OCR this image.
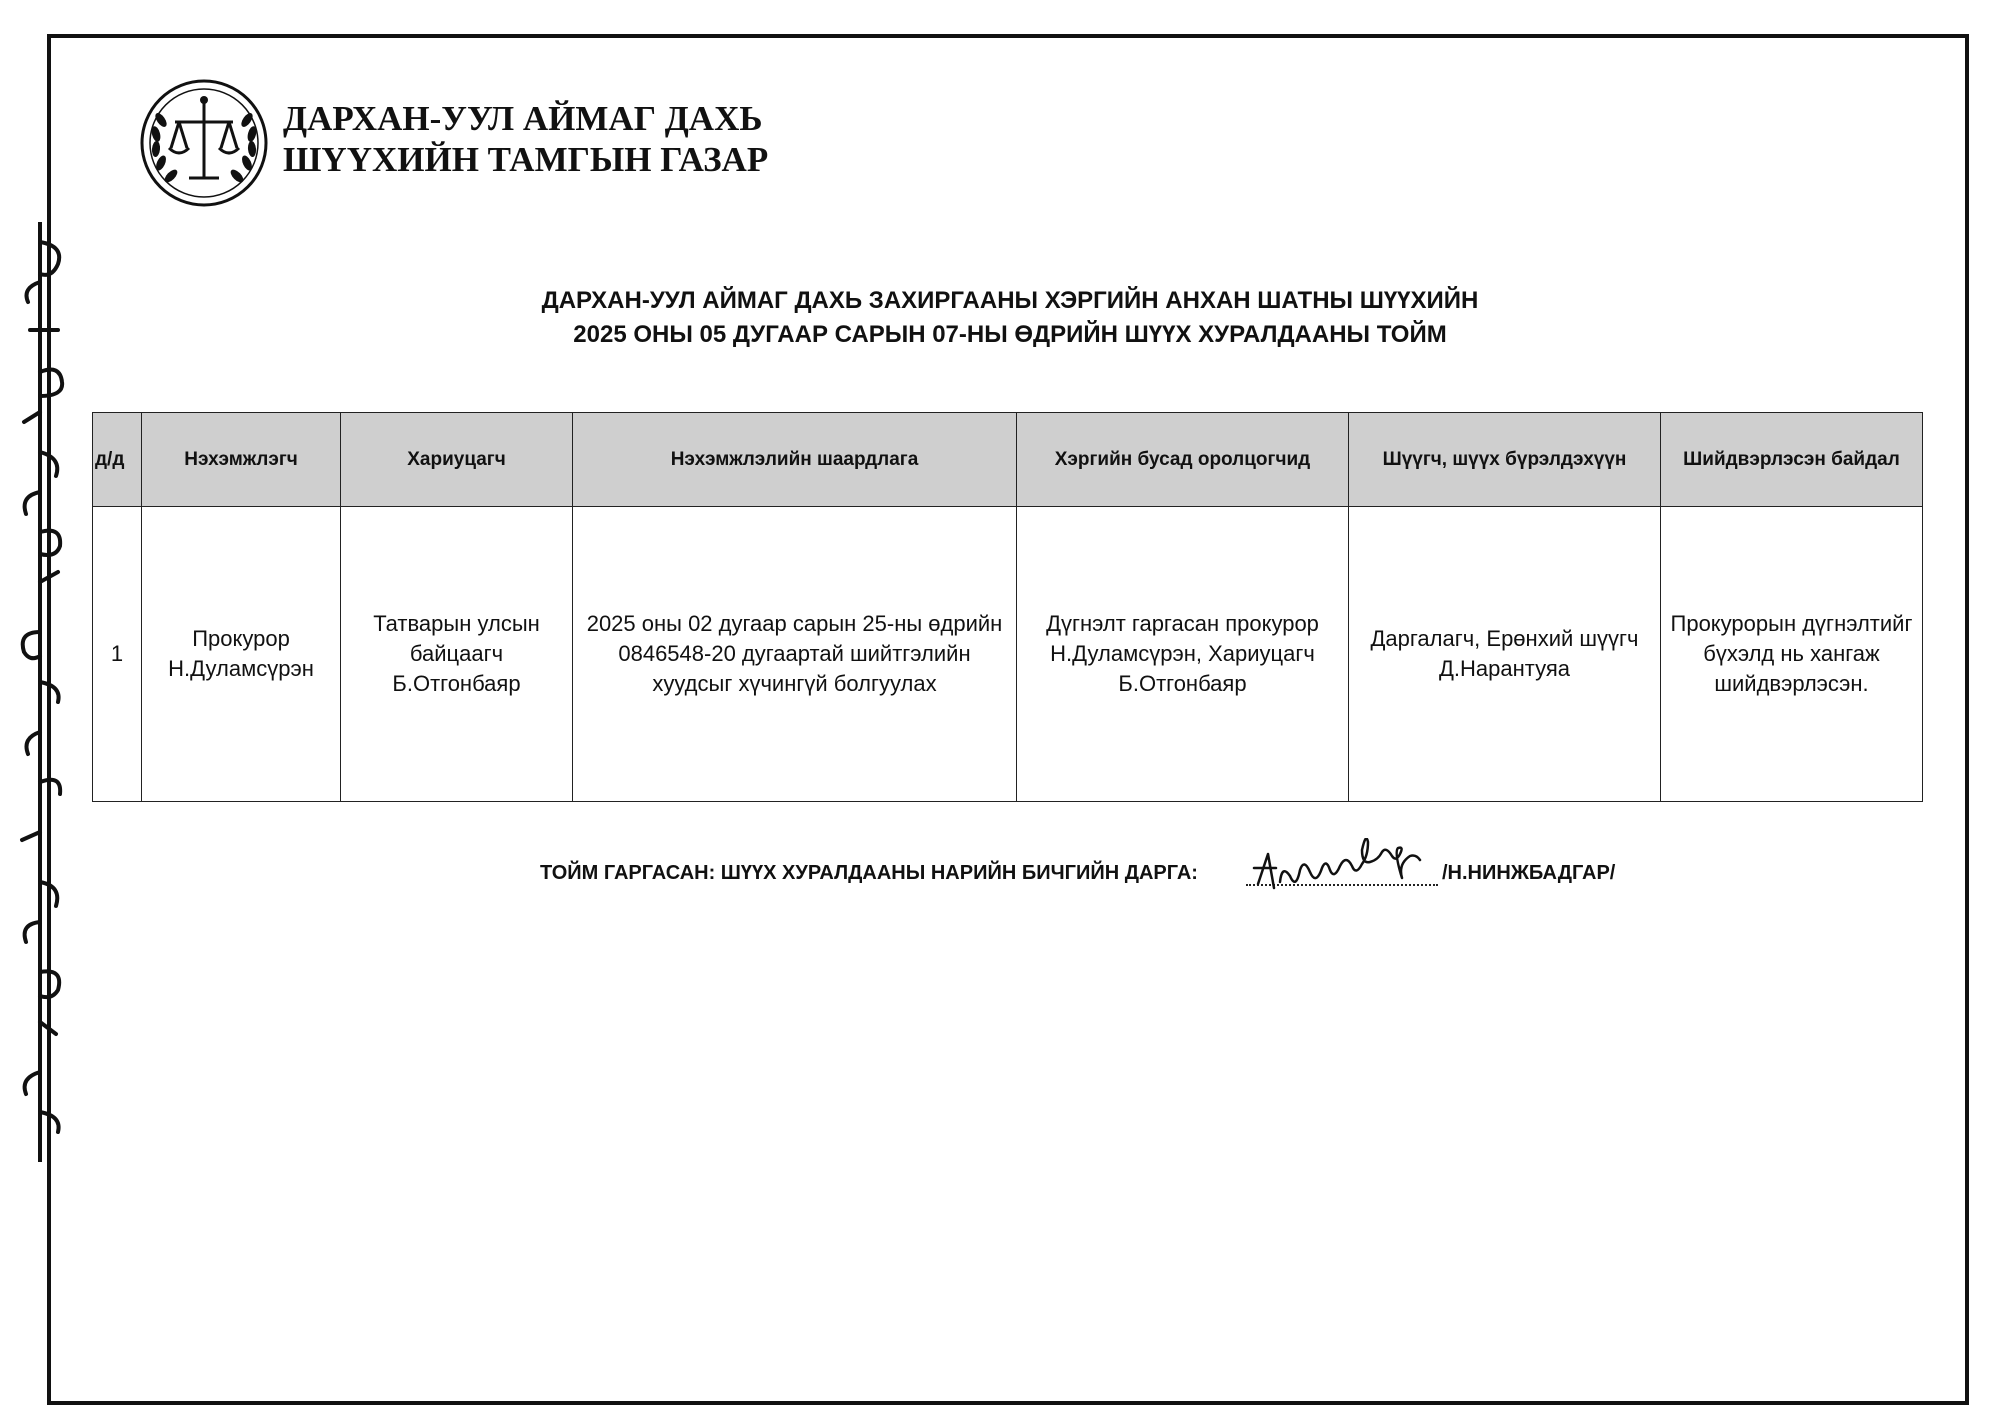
ДАРХАН-УУЛ АЙМАГ ДАХЬ
ШҮҮХИЙН ТАМГЫН ГАЗАР
ДАРХАН-УУЛ АЙМАГ ДАХЬ ЗАХИРГААНЫ ХЭРГИЙН АНХАН ШАТНЫ ШҮҮХИЙН
2025 ОНЫ 05 ДУГААР САРЫН 07-НЫ ӨДРИЙН ШҮҮХ ХУРАЛДААНЫ ТОЙМ
д/д	Нэхэмжлэгч	Хариуцагч	Нэхэмжлэлийн шаардлага	Хэргийн бусад оролцогчид	Шүүгч, шүүх бүрэлдэхүүн	Шийдвэрлэсэн байдал
1	Прокурор Н.Дуламсүрэн	Татварын улсын байцаагч Б.Отгонбаяр	2025 оны 02 дугаар сарын 25-ны өдрийн 0846548-20 дугаартай шийтгэлийн хуудсыг хүчингүй болгуулах	Дүгнэлт гаргасан прокурор Н.Дуламсүрэн, Хариуцагч Б.Отгонбаяр	Даргалагч, Ерөнхий шүүгч Д.Нарантуяа	Прокурорын дүгнэлтийг бүхэлд нь хангаж шийдвэрлэсэн.
ТОЙМ ГАРГАСАН: ШҮҮХ ХУРАЛДААНЫ НАРИЙН БИЧГИЙН ДАРГА:	/Н.НИНЖБАДГАР/
